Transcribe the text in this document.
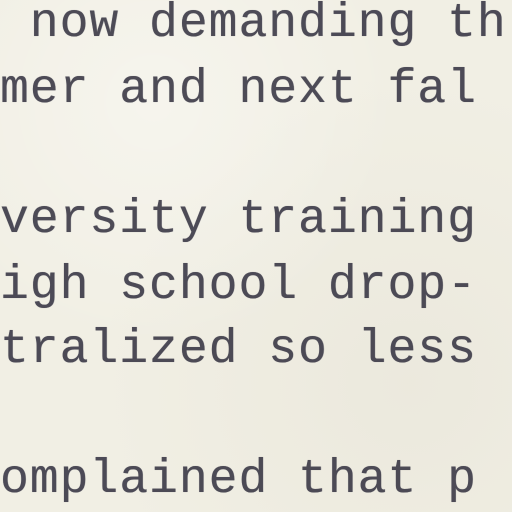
now demanding th
mer and next fal
versity training
igh school drop-
tralized so less
omplained that p
